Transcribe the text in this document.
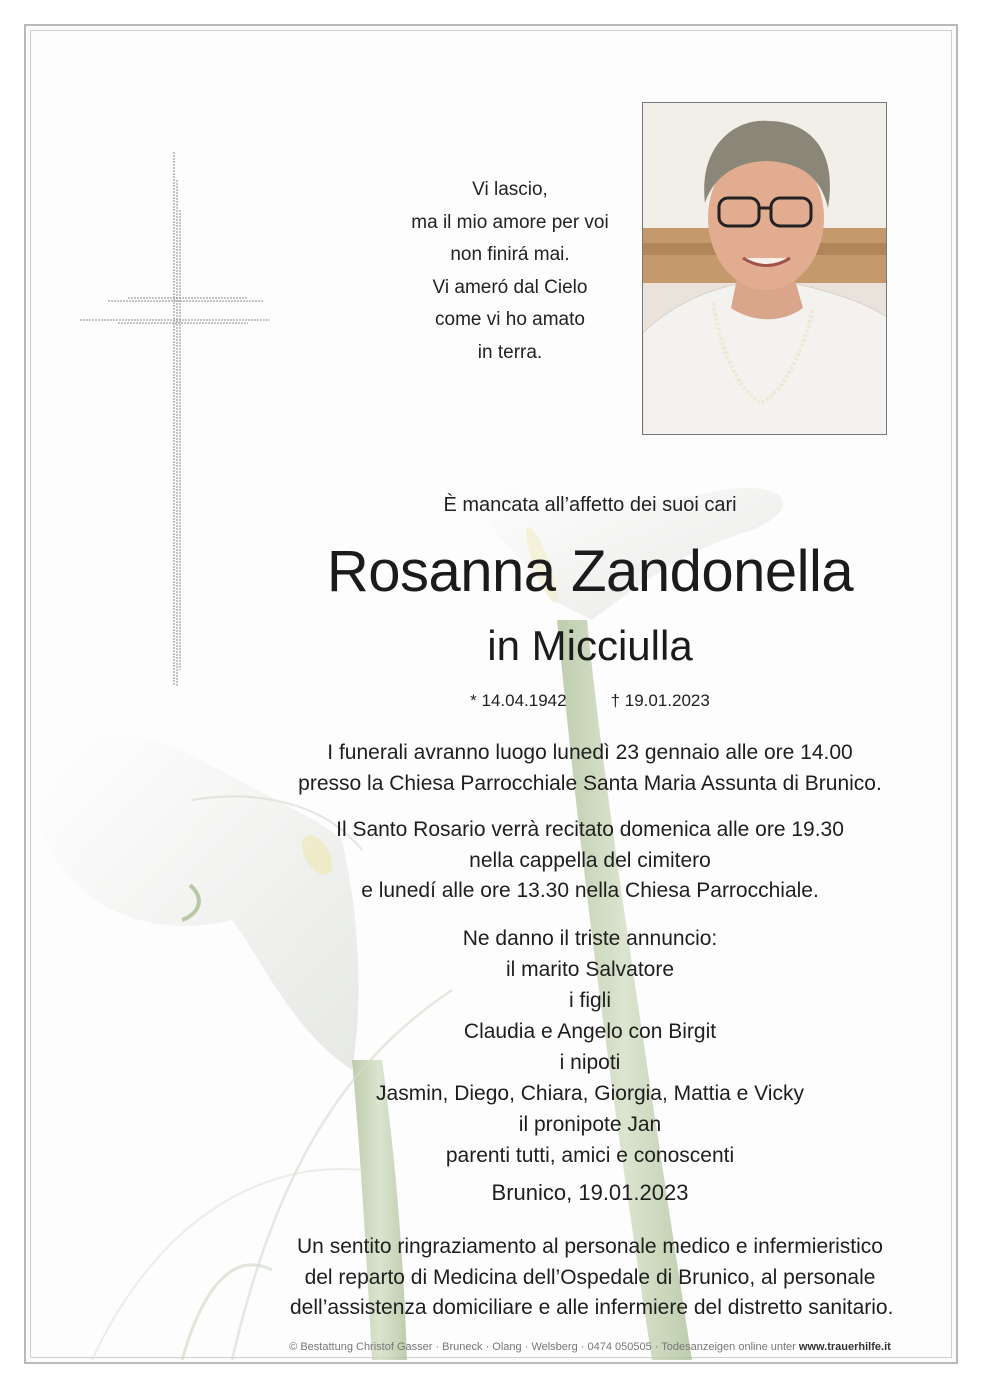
Vi lascio,
ma il mio amore per voi
non finirá mai.
Vi ameró dal Cielo
come vi ho amato
in terra.
È mancata all’affetto dei suoi cari
Rosanna Zandonella
in Micciulla
* 14.04.1942	† 19.01.2023
I funerali avranno luogo lunedì 23 gennaio alle ore 14.00
presso la Chiesa Parrocchiale Santa Maria Assunta di Brunico.
Il Santo Rosario verrà recitato domenica alle ore 19.30
nella cappella del cimitero
e lunedí alle ore 13.30 nella Chiesa Parrocchiale.
Ne danno il triste annuncio:
il marito Salvatore
i figli
Claudia e Angelo con Birgit
i nipoti
Jasmin, Diego, Chiara, Giorgia, Mattia e Vicky
il pronipote Jan
parenti tutti, amici e conoscenti
Brunico, 19.01.2023
Un sentito ringraziamento al personale medico e infermieristico
del reparto di Medicina dell’Ospedale di Brunico, al personale
dell’assistenza domiciliare e alle infermiere del distretto sanitario.
© Bestattung Christof Gasser · Bruneck · Olang · Welsberg · 0474 050505 · Todesanzeigen online unter www.trauerhilfe.it
